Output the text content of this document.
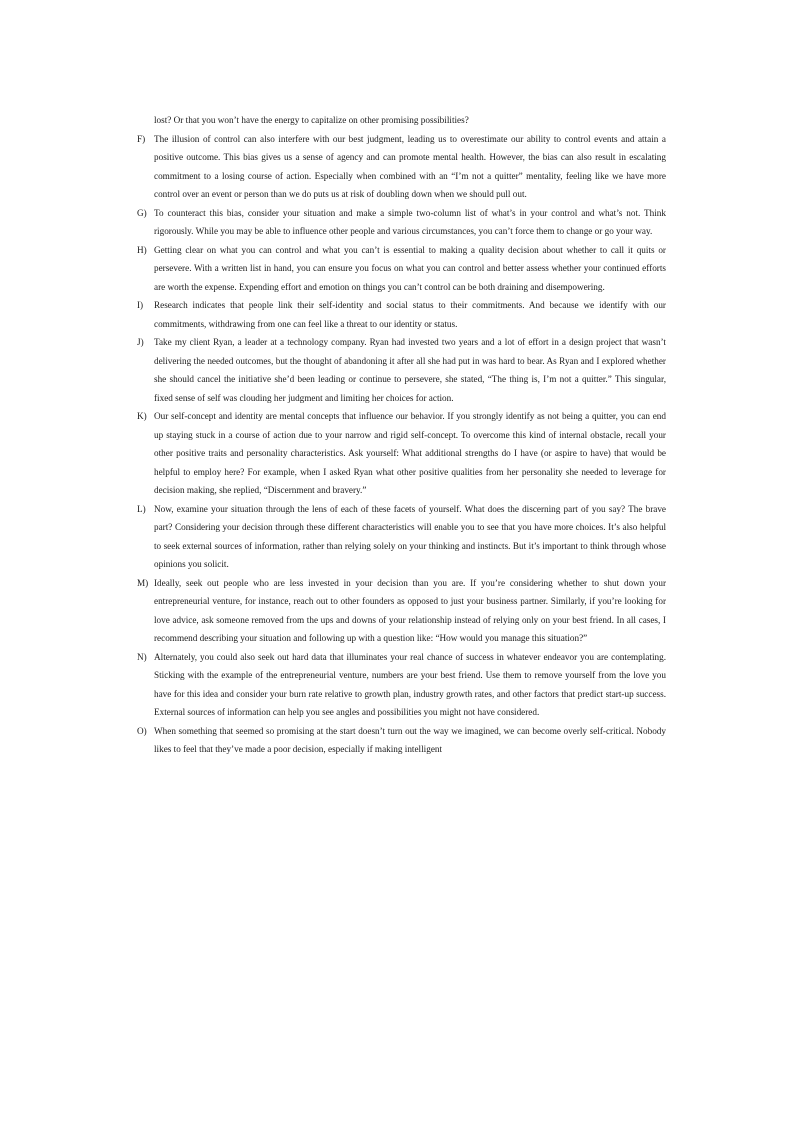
lost? Or that you won’t have the energy to capitalize on other promising possibilities?

F) The illusion of control can also interfere with our best judgment, leading us to overestimate our ability to control events and attain a positive outcome. This bias gives us a sense of agency and can promote mental health. However, the bias can also result in escalating commitment to a losing course of action. Especially when combined with an “I’m not a quitter” mentality, feeling like we have more control over an event or person than we do puts us at risk of doubling down when we should pull out.
G) To counteract this bias, consider your situation and make a simple two-column list of what’s in your control and what’s not. Think rigorously. While you may be able to influence other people and various circumstances, you can’t force them to change or go your way.
H) Getting clear on what you can control and what you can’t is essential to making a quality decision about whether to call it quits or persevere. With a written list in hand, you can ensure you focus on what you can control and better assess whether your continued efforts are worth the expense. Expending effort and emotion on things you can’t control can be both draining and disempowering.
I) Research indicates that people link their self-identity and social status to their commitments. And because we identify with our commitments, withdrawing from one can feel like a threat to our identity or status.
J) Take my client Ryan, a leader at a technology company. Ryan had invested two years and a lot of effort in a design project that wasn’t delivering the needed outcomes, but the thought of abandoning it after all she had put in was hard to bear. As Ryan and I explored whether she should cancel the initiative she’d been leading or continue to persevere, she stated, “The thing is, I’m not a quitter.” This singular, fixed sense of self was clouding her judgment and limiting her choices for action.
K) Our self-concept and identity are mental concepts that influence our behavior. If you strongly identify as not being a quitter, you can end up staying stuck in a course of action due to your narrow and rigid self-concept. To overcome this kind of internal obstacle, recall your other positive traits and personality characteristics. Ask yourself: What additional strengths do I have (or aspire to have) that would be helpful to employ here? For example, when I asked Ryan what other positive qualities from her personality she needed to leverage for decision making, she replied, “Discernment and bravery.”
L) Now, examine your situation through the lens of each of these facets of yourself. What does the discerning part of you say? The brave part? Considering your decision through these different characteristics will enable you to see that you have more choices. It’s also helpful to seek external sources of information, rather than relying solely on your thinking and instincts. But it’s important to think through whose opinions you solicit.
M) Ideally, seek out people who are less invested in your decision than you are. If you’re considering whether to shut down your entrepreneurial venture, for instance, reach out to other founders as opposed to just your business partner. Similarly, if you’re looking for love advice, ask someone removed from the ups and downs of your relationship instead of relying only on your best friend. In all cases, I recommend describing your situation and following up with a question like: “How would you manage this situation?”
N) Alternately, you could also seek out hard data that illuminates your real chance of success in whatever endeavor you are contemplating. Sticking with the example of the entrepreneurial venture, numbers are your best friend. Use them to remove yourself from the love you have for this idea and consider your burn rate relative to growth plan, industry growth rates, and other factors that predict start-up success. External sources of information can help you see angles and possibilities you might not have considered.
O) When something that seemed so promising at the start doesn’t turn out the way we imagined, we can become overly self-critical. Nobody likes to feel that they’ve made a poor decision, especially if making intelligent
